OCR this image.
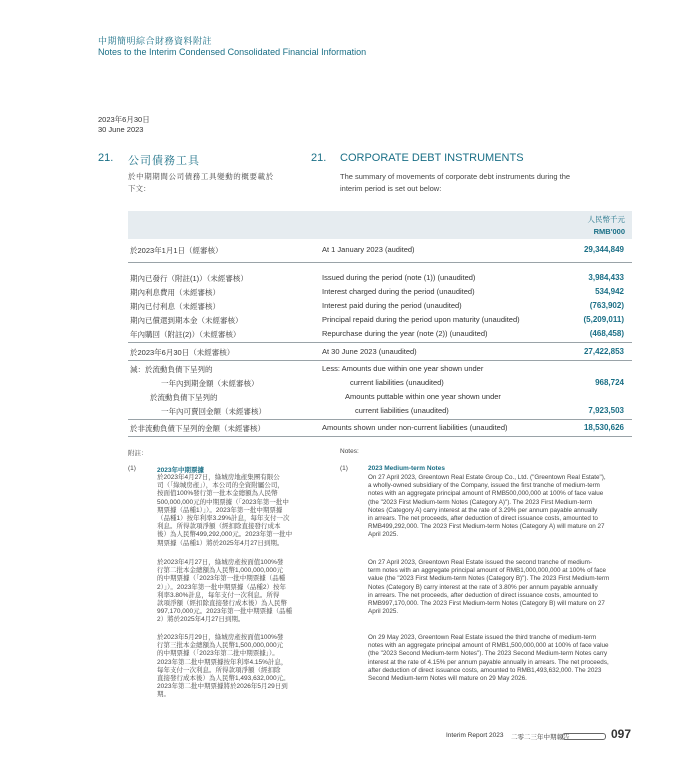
中期簡明綜合財務資料附註
Notes to the Interim Condensed Consolidated Financial Information
2023年6月30日
30 June 2023
21. 公司債務工具	21. CORPORATE DEBT INSTRUMENTS
於中期期間公司債務工具變動的概要載於
下文：
The summary of movements of corporate debt instruments during the
interim period is set out below:
人民幣千元
RMB'000
於2023年1月1日（經審核）	At 1 January 2023 (audited)	29,344,849
期內已發行（附註(1)）（未經審核）	Issued during the period (note (1)) (unaudited)	3,984,433
期內利息費用（未經審核）	Interest charged during the period (unaudited)	534,942
期內已付利息（未經審核）	Interest paid during the period (unaudited)	(763,902)
期內已償還到期本金（未經審核）	Principal repaid during the period upon maturity (unaudited)	(5,209,011)
年內購回（附註(2)）（未經審核）	Repurchase during the year (note (2)) (unaudited)	(468,458)
於2023年6月30日（未經審核）	At 30 June 2023 (unaudited)	27,422,853
減：於流動負債下呈列的	Less: Amounts due within one year shown under
一年內到期金額（未經審核）	current liabilities (unaudited)	968,724
於流動負債下呈列的	Amounts puttable within one year shown under
一年內可賣回金額（未經審核）	current liabilities (unaudited)	7,923,503
於非流動負債下呈列的金額（未經審核）	Amounts shown under non-current liabilities (unaudited)	18,530,626
附註：	Notes:
(1)	(1)
2023年中期票據	2023 Medium-term Notes
於2023年4月27日，綠城房地產集團有限公
司（「綠城房產」），本公司的全資附屬公司，
按面值100%發行第一批本金總額為人民幣
500,000,000元的中期票據（「2023年第一批中
期票據（品種1）」）。2023年第一批中期票據
（品種1）按年利率3.29%計息，每年支付一次
利息。所得款項淨額（經扣除直接發行成本
後）為人民幣499,292,000元。2023年第一批中
期票據（品種1）將於2025年4月27日到期。
於2023年4月27日，綠城房產按面值100%發
行第二批本金總額為人民幣1,000,000,000元
的中期票據（「2023年第一批中期票據（品種
2）」）。2023年第一批中期票據（品種2）按年
利率3.80%計息，每年支付一次利息。所得
款項淨額（經扣除直接發行成本後）為人民幣
997,170,000元。2023年第一批中期票據（品種
2）將於2025年4月27日到期。
於2023年5月29日，綠城房產按面值100%發
行第三批本金總額為人民幣1,500,000,000元
的中期票據（「2023年第二批中期票據」）。
2023年第二批中期票據按年利率4.15%計息，
每年支付一次利息。所得款項淨額（經扣除
直接發行成本後）為人民幣1,493,632,000元。
2023年第二批中期票據將於2026年5月29日到
期。
On 27 April 2023, Greentown Real Estate Group Co., Ltd. ("Greentown Real Estate"),
a wholly-owned subsidiary of the Company, issued the first tranche of medium-term
notes with an aggregate principal amount of RMB500,000,000 at 100% of face value
(the "2023 First Medium-term Notes (Category A)"). The 2023 First Medium-term
Notes (Category A) carry interest at the rate of 3.29% per annum payable annually
in arrears. The net proceeds, after deduction of direct issuance costs, amounted to
RMB499,292,000. The 2023 First Medium-term Notes (Category A) will mature on 27
April 2025.
On 27 April 2023, Greentown Real Estate issued the second tranche of medium-
term notes with an aggregate principal amount of RMB1,000,000,000 at 100% of face
value (the "2023 First Medium-term Notes (Category B)"). The 2023 First Medium-term
Notes (Category B) carry interest at the rate of 3.80% per annum payable annually
in arrears. The net proceeds, after deduction of direct issuance costs, amounted to
RMB997,170,000. The 2023 First Medium-term Notes (Category B) will mature on 27
April 2025.
On 29 May 2023, Greentown Real Estate issued the third tranche of medium-term
notes with an aggregate principal amount of RMB1,500,000,000 at 100% of face value
(the "2023 Second Medium-term Notes"). The 2023 Second Medium-term Notes carry
interest at the rate of 4.15% per annum payable annually in arrears. The net proceeds,
after deduction of direct issuance costs, amounted to RMB1,493,632,000. The 2023
Second Medium-term Notes will mature on 29 May 2026.
Interim Report 2023 二零二三年中期報告	097
